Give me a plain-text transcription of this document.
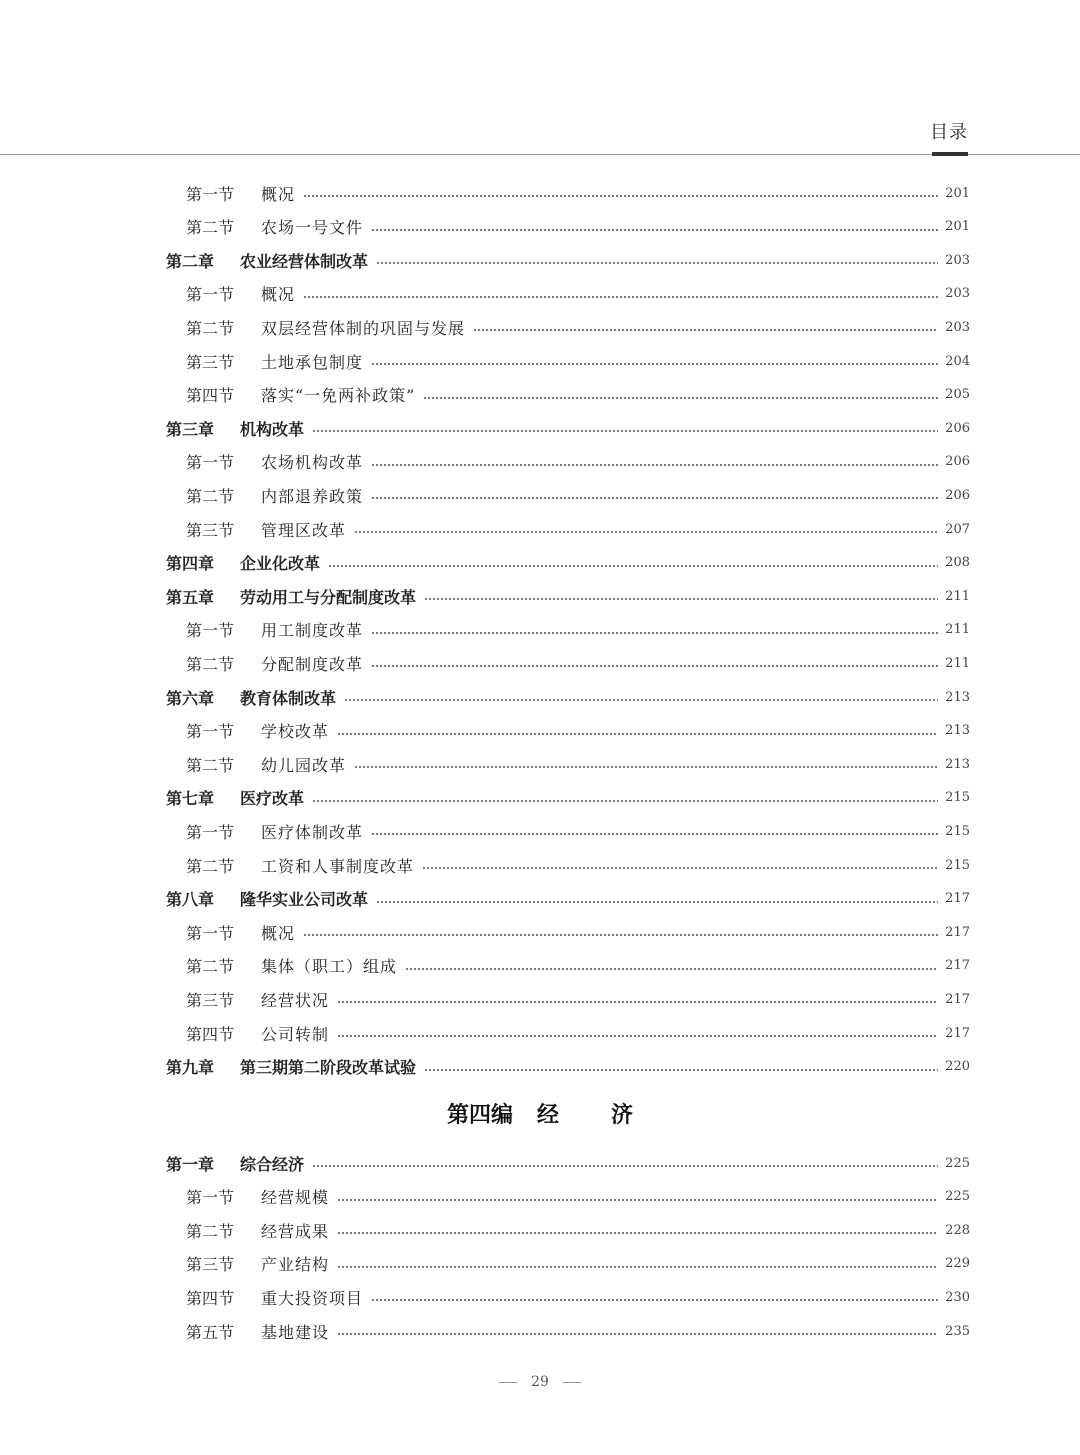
目录
第一节	概况	201
第二节	农场一号文件	201
第二章	农业经营体制改革	203
第一节	概况	203
第二节	双层经营体制的巩固与发展	203
第三节	土地承包制度	204
第四节	落实“一免两补政策”	205
第三章	机构改革	206
第一节	农场机构改革	206
第二节	内部退养政策	206
第三节	管理区改革	207
第四章	企业化改革	208
第五章	劳动用工与分配制度改革	211
第一节	用工制度改革	211
第二节	分配制度改革	211
第六章	教育体制改革	213
第一节	学校改革	213
第二节	幼儿园改革	213
第七章	医疗改革	215
第一节	医疗体制改革	215
第二节	工资和人事制度改革	215
第八章	隆华实业公司改革	217
第一节	概况	217
第二节	集体（职工）组成	217
第三节	经营状况	217
第四节	公司转制	217
第九章	第三期第二阶段改革试验	220
第四编 经 济
第一章	综合经济	225
第一节	经营规模	225
第二节	经营成果	228
第三节	产业结构	229
第四节	重大投资项目	230
第五节	基地建设	235
29
